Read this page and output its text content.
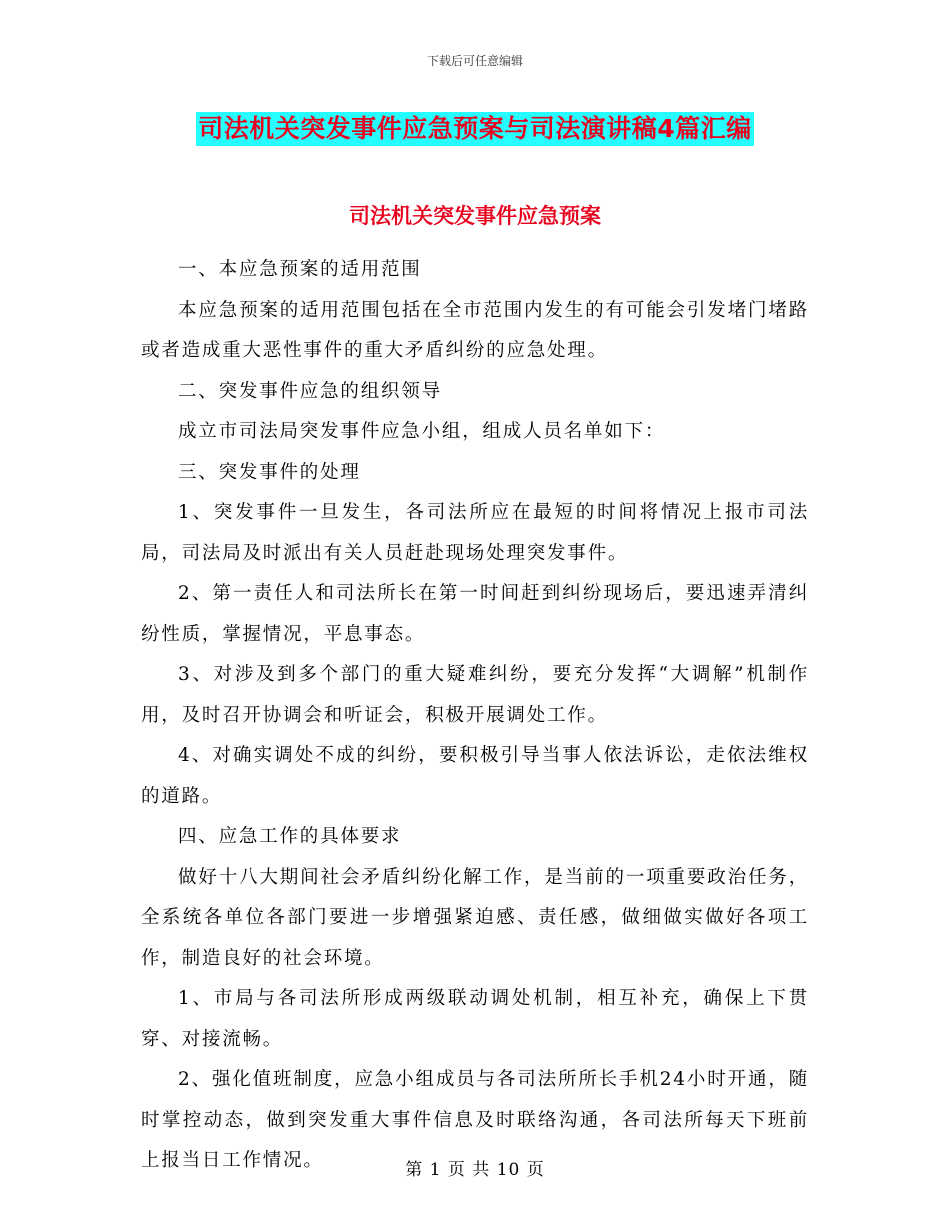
下载后可任意编辑
司法机关突发事件应急预案与司法演讲稿4篇汇编
司法机关突发事件应急预案

一、本应急预案的适用范围

本应急预案的适用范围包括在全市范围内发生的有可能会引发堵门堵路或者造成重大恶性事件的重大矛盾纠纷的应急处理。

二、突发事件应急的组织领导

成立市司法局突发事件应急小组，组成人员名单如下：

三、突发事件的处理

1、突发事件一旦发生，各司法所应在最短的时间将情况上报市司法局，司法局及时派出有关人员赶赴现场处理突发事件。

2、第一责任人和司法所长在第一时间赶到纠纷现场后，要迅速弄清纠纷性质，掌握情况，平息事态。

3、对涉及到多个部门的重大疑难纠纷，要充分发挥“大调解”机制作用，及时召开协调会和听证会，积极开展调处工作。

4、对确实调处不成的纠纷，要积极引导当事人依法诉讼，走依法维权的道路。

四、应急工作的具体要求

做好十八大期间社会矛盾纠纷化解工作，是当前的一项重要政治任务，全系统各单位各部门要进一步增强紧迫感、责任感，做细做实做好各项工作，制造良好的社会环境。

1、市局与各司法所形成两级联动调处机制，相互补充，确保上下贯穿、对接流畅。

2、强化值班制度，应急小组成员与各司法所所长手机24小时开通，随时掌控动态，做到突发重大事件信息及时联络沟通，各司法所每天下班前上报当日工作情况。	第 1 页 共 10 页
